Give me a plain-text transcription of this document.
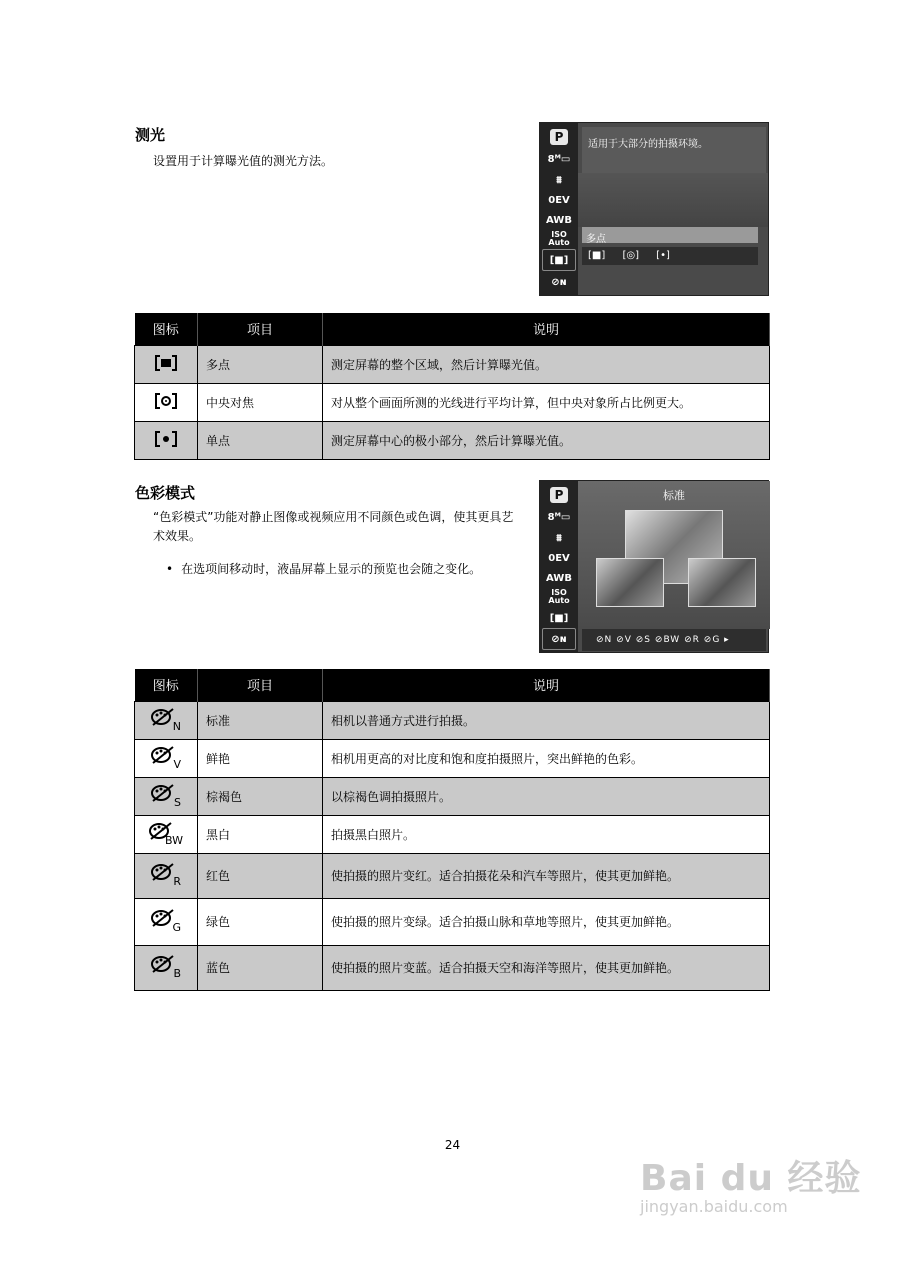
测光
设置用于计算曝光值的测光方法。
P
8ᴹ▭
⩩
0EV
AWB
ISO
Auto
[■]
⊘ɴ
适用于大部分的拍摄环境。
多点
[■] [◎] [•]
图标	项目	说明

	多点	测定屏幕的整个区域，然后计算曝光值。

	中央对焦	对从整个画面所测的光线进行平均计算，但中央对象所占比例更大。

	单点	测定屏幕中心的极小部分，然后计算曝光值。
色彩模式
“色彩模式”功能对静止图像或视频应用不同颜色或色调，使其更具艺术效果。
• 在选项间移动时，液晶屏幕上显示的预览也会随之变化。
P
8ᴹ▭
⩩
0EV
AWB
ISO
Auto
[■]
⊘ɴ
标准
⊘N ⊘V ⊘S ⊘BW ⊘R ⊘G ▸
图标	项目	说明

N	标准	相机以普通方式进行拍摄。

V	鲜艳	相机用更高的对比度和饱和度拍摄照片，突出鲜艳的色彩。

S	棕褐色	以棕褐色调拍摄照片。

BW	黑白	拍摄黑白照片。

R	红色	使拍摄的照片变红。适合拍摄花朵和汽车等照片，使其更加鲜艳。

G	绿色	使拍摄的照片变绿。适合拍摄山脉和草地等照片，使其更加鲜艳。

B	蓝色	使拍摄的照片变蓝。适合拍摄天空和海洋等照片，使其更加鲜艳。
24
Bai du 经验
jingyan.baidu.com
